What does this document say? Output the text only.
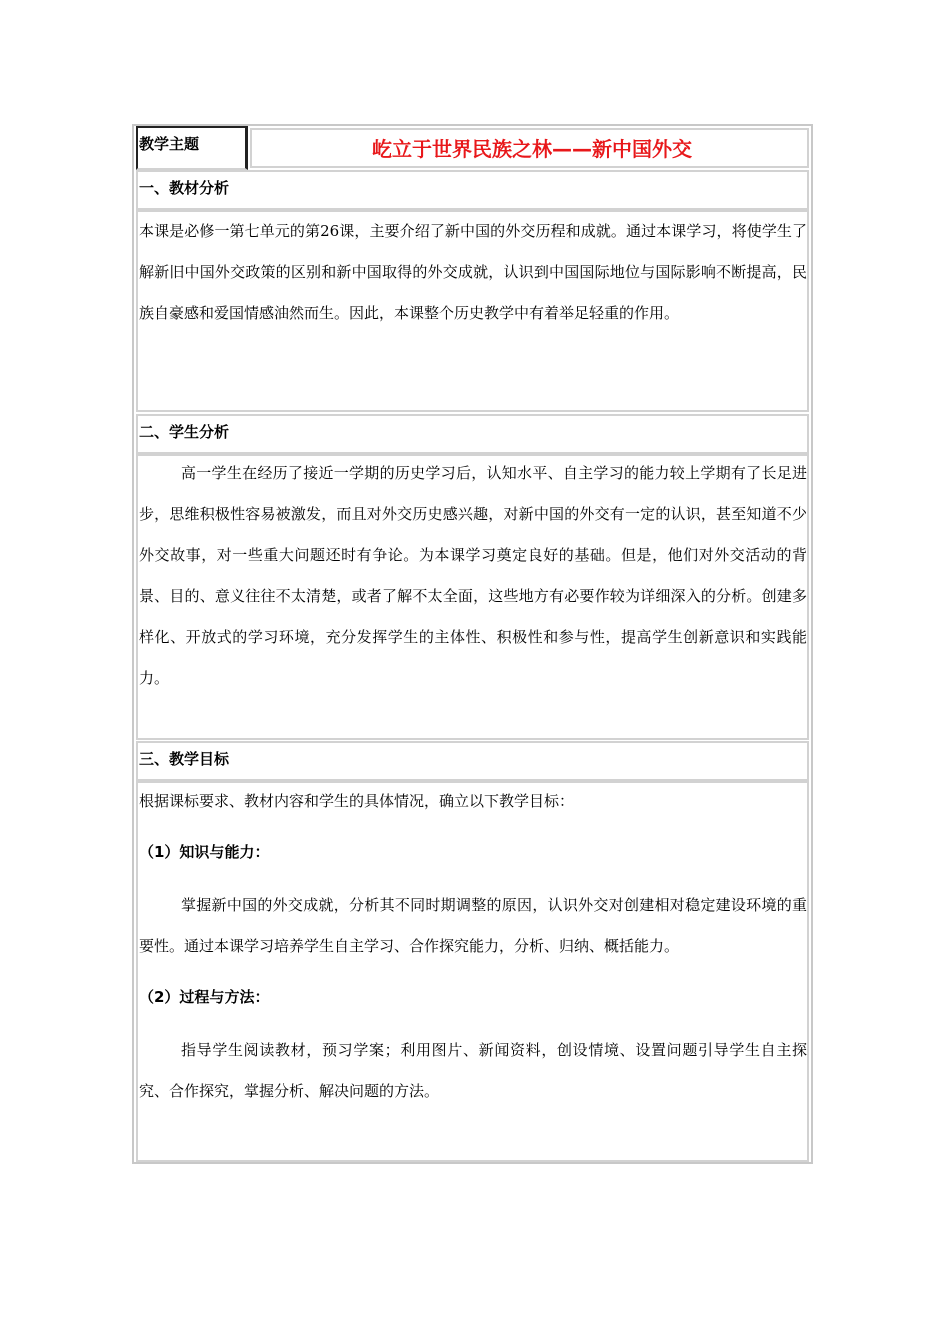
教学主题	屹立于世界民族之林——新中国外交
一、教材分析

本课是必修一第七单元的第26课，主要介绍了新中国的外交历程和成就。通过本课学习，将使学生了解新旧中国外交政策的区别和新中国取得的外交成就，认识到中国国际地位与国际影响不断提高，民族自豪感和爱国情感油然而生。因此，本课整个历史教学中有着举足轻重的作用。

二、学生分析

高一学生在经历了接近一学期的历史学习后，认知水平、自主学习的能力较上学期有了长足进步，思维积极性容易被激发，而且对外交历史感兴趣，对新中国的外交有一定的认识，甚至知道不少外交故事，对一些重大问题还时有争论。为本课学习奠定良好的基础。但是，他们对外交活动的背景、目的、意义往往不太清楚，或者了解不太全面，这些地方有必要作较为详细深入的分析。创建多样化、开放式的学习环境，充分发挥学生的主体性、积极性和参与性，提高学生创新意识和实践能力。

三、教学目标

根据课标要求、教材内容和学生的具体情况，确立以下教学目标：

（1）知识与能力：

掌握新中国的外交成就，分析其不同时期调整的原因，认识外交对创建相对稳定建设环境的重要性。通过本课学习培养学生自主学习、合作探究能力，分析、归纳、概括能力。

（2）过程与方法：

指导学生阅读教材，预习学案；利用图片、新闻资料，创设情境、设置问题引导学生自主探究、合作探究，掌握分析、解决问题的方法。
